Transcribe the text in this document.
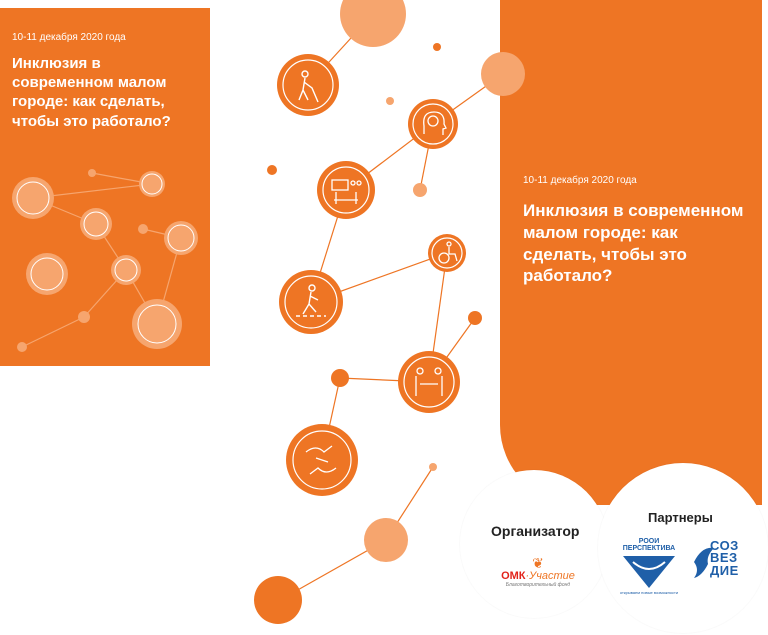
10-11 декабря 2020 года
Инклюзия в современном малом городе: как сделать, чтобы это работало?
10-11 декабря 2020 года
Инклюзия в современном малом городе: как сделать, чтобы это работало?
Организатор
❦
ОМК·Участие
Благотворительный фонд
Партнеры
РООИ ПЕРСПЕКТИВА
открываем новые возможности
СОЗ
ВЕЗ
ДИЕ
